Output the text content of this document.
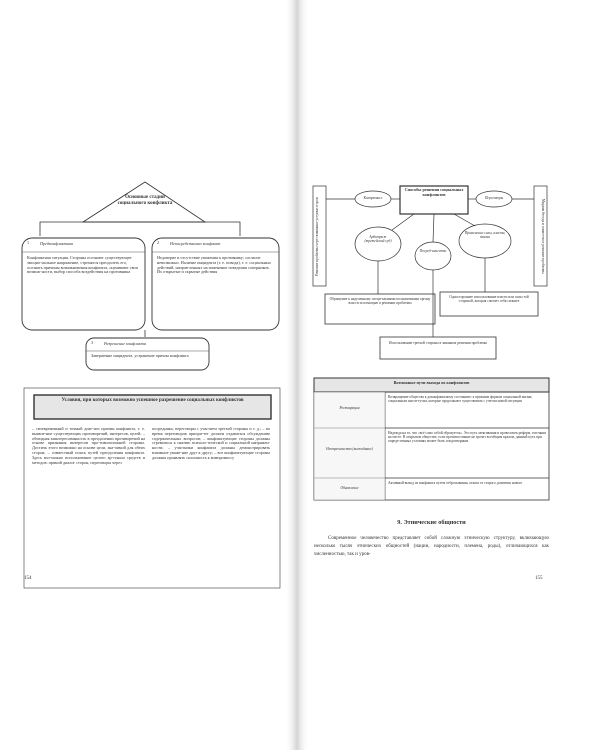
Основные стадии социального конфликта
1	Предконфликтная
Конфликтная ситуация. Стороны осознают существующее эмоцио-нальное напряжение, стремятся преодолеть его, осознать причины возникновения конфликта, оценивают свои возмож-ности, выбор способа воздействия на противника
2	Непосредственно конфликт
Недоверие и отсутствие уважения к противнику; согласие невозможно. Наличие инцидента (т. е. повода), т. е. социальных действий, направ-ленных на изменение поведения соперников. Их открытые и скрытые действия
3	Разрешение конфликта
Завершение инцидента, устранение причин конфликта
Условия, при которых возможно успешное разрешение социальных конфликтов
– своевременный и точный диаг-ноз причин конфликта, т. е. выявле-ние существующих противоречий, интересов, целей; – обоюдная заинтересованность в преодолении противоречий на основе признания интересов про-тивоположной стороны. Достичь этого возможно на основе цели, зна-чимой для обеих сторон; – совместный поиск путей преодоления конфликта. Здесь воз-можно использование целого ар-сенала средств и методов: прямой диалог сторон, переговоры через
посредника, переговоры с участием третьей стороны и т. д.; – во время переговоров приори-тет должен отдаваться обсуждению содержательных вопросов; – конфликтующие стороны должны стремиться к снятию психоло-гической и социальной напряжен-ности; – участники конфликта должны демонстрировать взаимное уваже-ние друг к другу; – все конфликтующие стороны должны проявлять склонность к компромиссу
154
Компромисс	Переговоры
Способы решения социальных конфликтов
Арбитраж (третейский суд)
Посред-ничество
Применение силы, власти, закона
Решение проблемы через взаимные уступки сторон	Мирная беседа и совместное решение проблемы
Обращение к наделенному специ-альными полномочиями органу власти за помощью в решении проблемы
Одностороннее использование власти или силы той стороной, которая считает себя сильнее
Использование третьей стороны в законном решении проблемы
Возможные пути выхода из конфликтов
Реставрация
Возвращение общества к доконфликтному состоянию: к прежним формам социальной жизни, социальным инсти-тутам, которые продолжают существовать с учетом новой ситуации
Неотрешенство (выжидание)
Надежда на то, что «всё само собой образуется». Это путь затягивания и проволочек реформ, топтания на месте. В открытом обществе, если противостояние не грозит всеобщим крахом, данный путь при опреде-ленных условиях может быть плодотворным
Обновление
Активный выход из конфликта путем отбрасывания, отказа от старого, развития нового
9. Этнические общности
Современное человечество представляет собой сложную этническую структуру, включающую несколько тысяч этнических общностей (нации, народности, племена, роды), отличающихся как численностью, так и уров-
155
